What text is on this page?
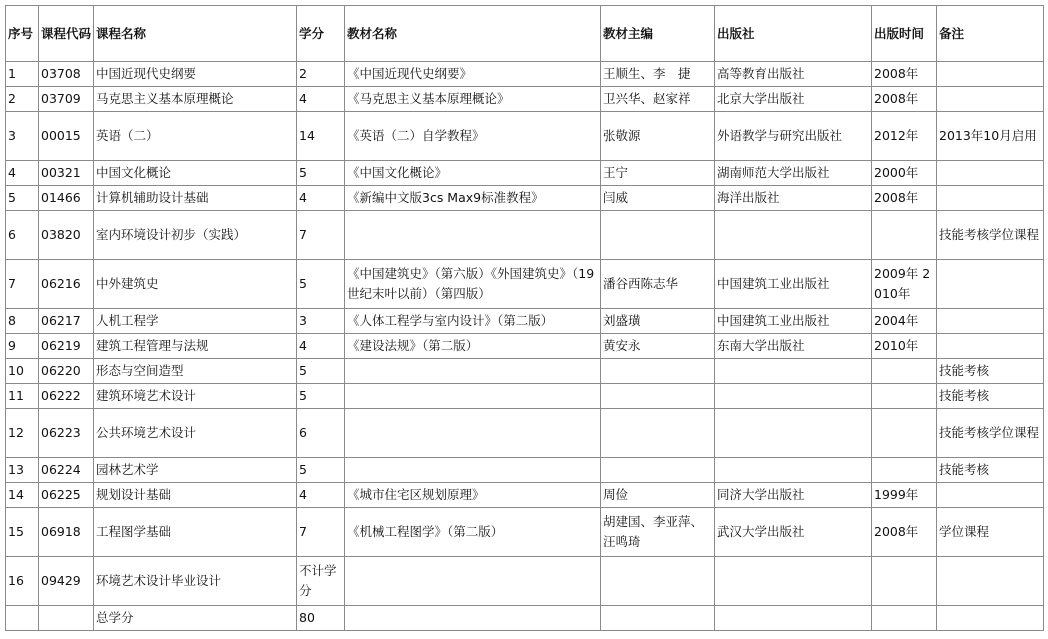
序号	课程代码	课程名称	学分	教材名称	教材主编	出版社	出版时间	备注
1	03708	中国近现代史纲要	2	《中国近现代史纲要》	王顺生、李　捷	高等教育出版社	2008年	
2	03709	马克思主义基本原理概论	4	《马克思主义基本原理概论》	卫兴华、赵家祥	北京大学出版社	2008年	
3	00015	英语（二）	14	《英语（二）自学教程》	张敬源	外语教学与研究出版社	2012年	2013年10月启用
4	00321	中国文化概论	5	《中国文化概论》	王宁	湖南师范大学出版社	2000年	
5	01466	计算机辅助设计基础	4	《新编中文版3cs Max9标准教程》	闫威	海洋出版社	2008年	
6	03820	室内环境设计初步（实践）	7					技能考核学位课程
7	06216	中外建筑史	5	《中国建筑史》（第六版）《外国建筑史》（19世纪末叶以前）（第四版）	潘谷西陈志华	中国建筑工业出版社	2009年 2010年	
8	06217	人机工程学	3	《人体工程学与室内设计》（第二版）	刘盛璜	中国建筑工业出版社	2004年	
9	06219	建筑工程管理与法规	4	《建设法规》（第二版）	黄安永	东南大学出版社	2010年	
10	06220	形态与空间造型	5					技能考核
11	06222	建筑环境艺术设计	5					技能考核
12	06223	公共环境艺术设计	6					技能考核学位课程
13	06224	园林艺术学	5					技能考核
14	06225	规划设计基础	4	《城市住宅区规划原理》	周俭	同济大学出版社	1999年	
15	06918	工程图学基础	7	《机械工程图学》（第二版）	胡建国、李亚萍、汪鸣琦	武汉大学出版社	2008年	学位课程
16	09429	环境艺术设计毕业设计	不计学分					
		总学分	80					
